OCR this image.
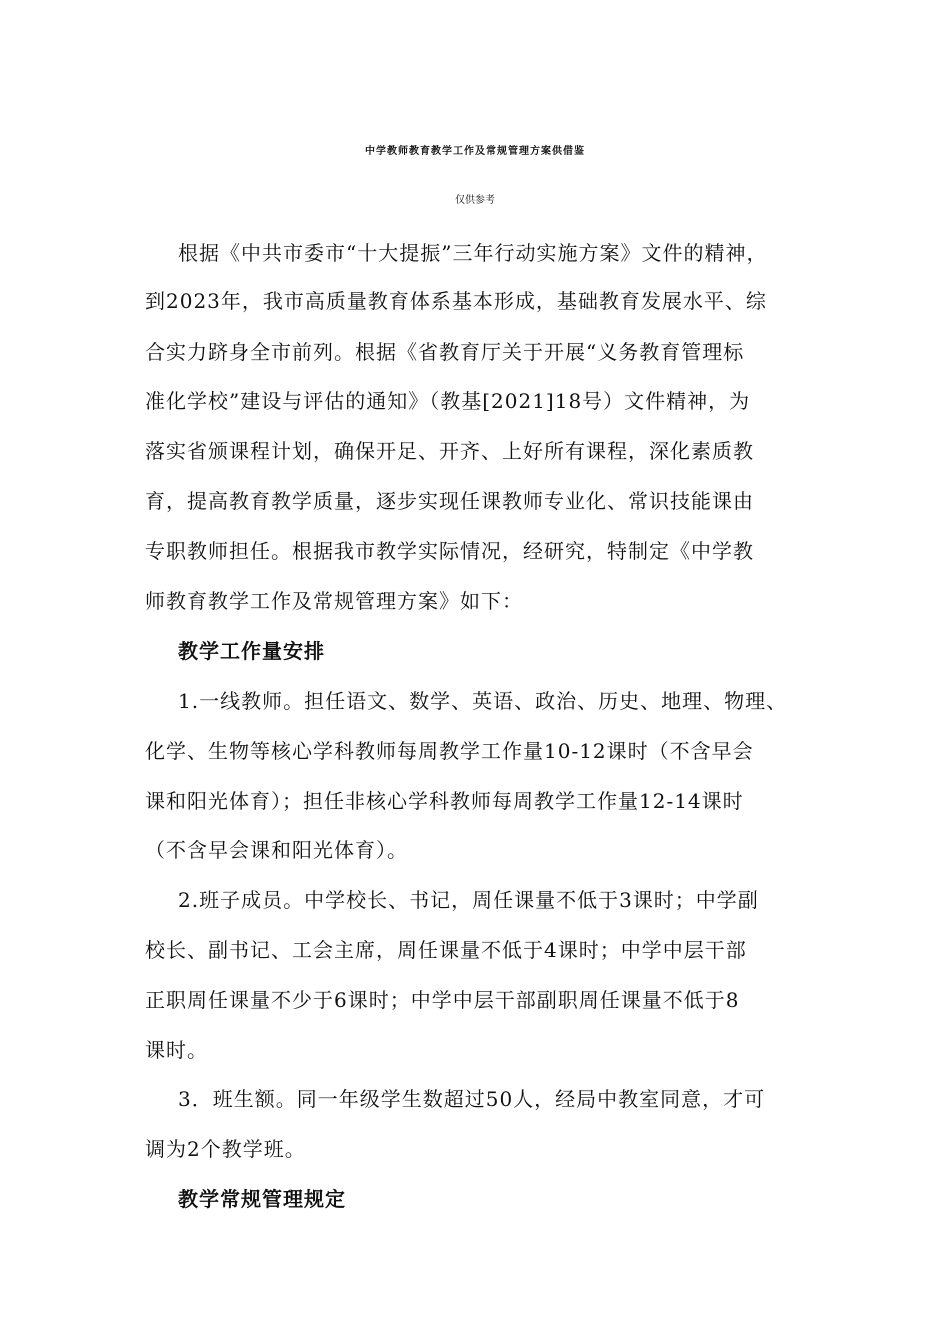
中学教师教育教学工作及常规管理方案供借鉴
仅供参考
根据《中共市委市“十大提振”三年行动实施方案》文件的精神，
到2023年，我市高质量教育体系基本形成，基础教育发展水平、综
合实力跻身全市前列。根据《省教育厅关于开展“义务教育管理标
准化学校”建设与评估的通知》（教基[2021]18号）文件精神，为
落实省颁课程计划，确保开足、开齐、上好所有课程，深化素质教
育，提高教育教学质量，逐步实现任课教师专业化、常识技能课由
专职教师担任。根据我市教学实际情况，经研究，特制定《中学教
师教育教学工作及常规管理方案》如下：
教学工作量安排
1.一线教师。担任语文、数学、英语、政治、历史、地理、物理、
化学、生物等核心学科教师每周教学工作量10-12课时（不含早会
课和阳光体育）；担任非核心学科教师每周教学工作量12-14课时
（不含早会课和阳光体育）。
2.班子成员。中学校长、书记，周任课量不低于3课时；中学副
校长、副书记、工会主席，周任课量不低于4课时；中学中层干部
正职周任课量不少于6课时；中学中层干部副职周任课量不低于8
课时。
3．班生额。同一年级学生数超过50人，经局中教室同意，才可
调为2个教学班。
教学常规管理规定
